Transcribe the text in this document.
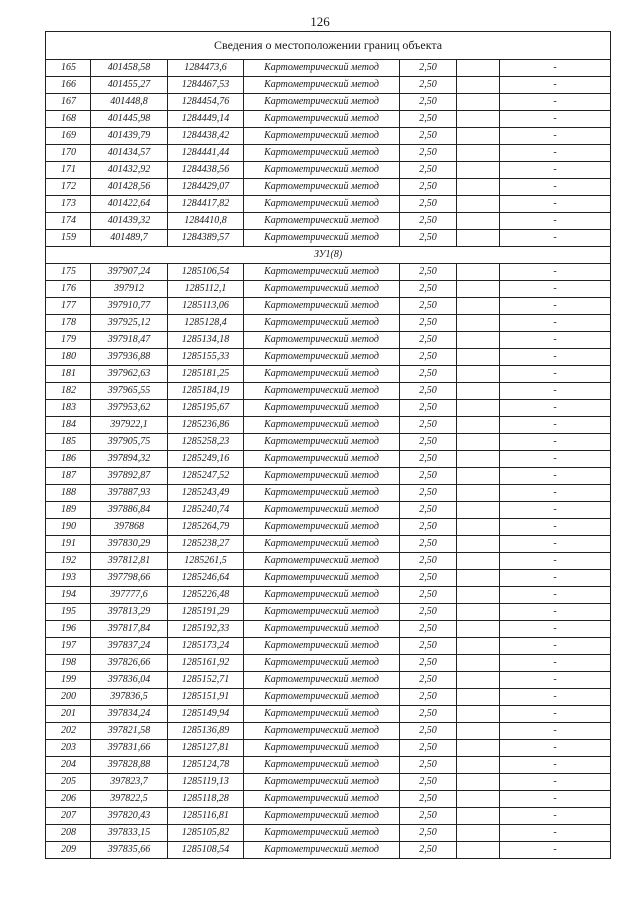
126
Сведения о местоположении границ объекта						
165	401458,58	1284473,6	Картометрический метод	2,50		-
166	401455,27	1284467,53	Картометрический метод	2,50		-
167	401448,8	1284454,76	Картометрический метод	2,50		-
168	401445,98	1284449,14	Картометрический метод	2,50		-
169	401439,79	1284438,42	Картометрический метод	2,50		-
170	401434,57	1284441,44	Картометрический метод	2,50		-
171	401432,92	1284438,56	Картометрический метод	2,50		-
172	401428,56	1284429,07	Картометрический метод	2,50		-
173	401422,64	1284417,82	Картометрический метод	2,50		-
174	401439,32	1284410,8	Картометрический метод	2,50		-
159	401489,7	1284389,57	Картометрический метод	2,50		-
ЗУ1(8)						
175	397907,24	1285106,54	Картометрический метод	2,50		-
176	397912	1285112,1	Картометрический метод	2,50		-
177	397910,77	1285113,06	Картометрический метод	2,50		-
178	397925,12	1285128,4	Картометрический метод	2,50		-
179	397918,47	1285134,18	Картометрический метод	2,50		-
180	397936,88	1285155,33	Картометрический метод	2,50		-
181	397962,63	1285181,25	Картометрический метод	2,50		-
182	397965,55	1285184,19	Картометрический метод	2,50		-
183	397953,62	1285195,67	Картометрический метод	2,50		-
184	397922,1	1285236,86	Картометрический метод	2,50		-
185	397905,75	1285258,23	Картометрический метод	2,50		-
186	397894,32	1285249,16	Картометрический метод	2,50		-
187	397892,87	1285247,52	Картометрический метод	2,50		-
188	397887,93	1285243,49	Картометрический метод	2,50		-
189	397886,84	1285240,74	Картометрический метод	2,50		-
190	397868	1285264,79	Картометрический метод	2,50		-
191	397830,29	1285238,27	Картометрический метод	2,50		-
192	397812,81	1285261,5	Картометрический метод	2,50		-
193	397798,66	1285246,64	Картометрический метод	2,50		-
194	397777,6	1285226,48	Картометрический метод	2,50		-
195	397813,29	1285191,29	Картометрический метод	2,50		-
196	397817,84	1285192,33	Картометрический метод	2,50		-
197	397837,24	1285173,24	Картометрический метод	2,50		-
198	397826,66	1285161,92	Картометрический метод	2,50		-
199	397836,04	1285152,71	Картометрический метод	2,50		-
200	397836,5	1285151,91	Картометрический метод	2,50		-
201	397834,24	1285149,94	Картометрический метод	2,50		-
202	397821,58	1285136,89	Картометрический метод	2,50		-
203	397831,66	1285127,81	Картометрический метод	2,50		-
204	397828,88	1285124,78	Картометрический метод	2,50		-
205	397823,7	1285119,13	Картометрический метод	2,50		-
206	397822,5	1285118,28	Картометрический метод	2,50		-
207	397820,43	1285116,81	Картометрический метод	2,50		-
208	397833,15	1285105,82	Картометрический метод	2,50		-
209	397835,66	1285108,54	Картометрический метод	2,50		-
